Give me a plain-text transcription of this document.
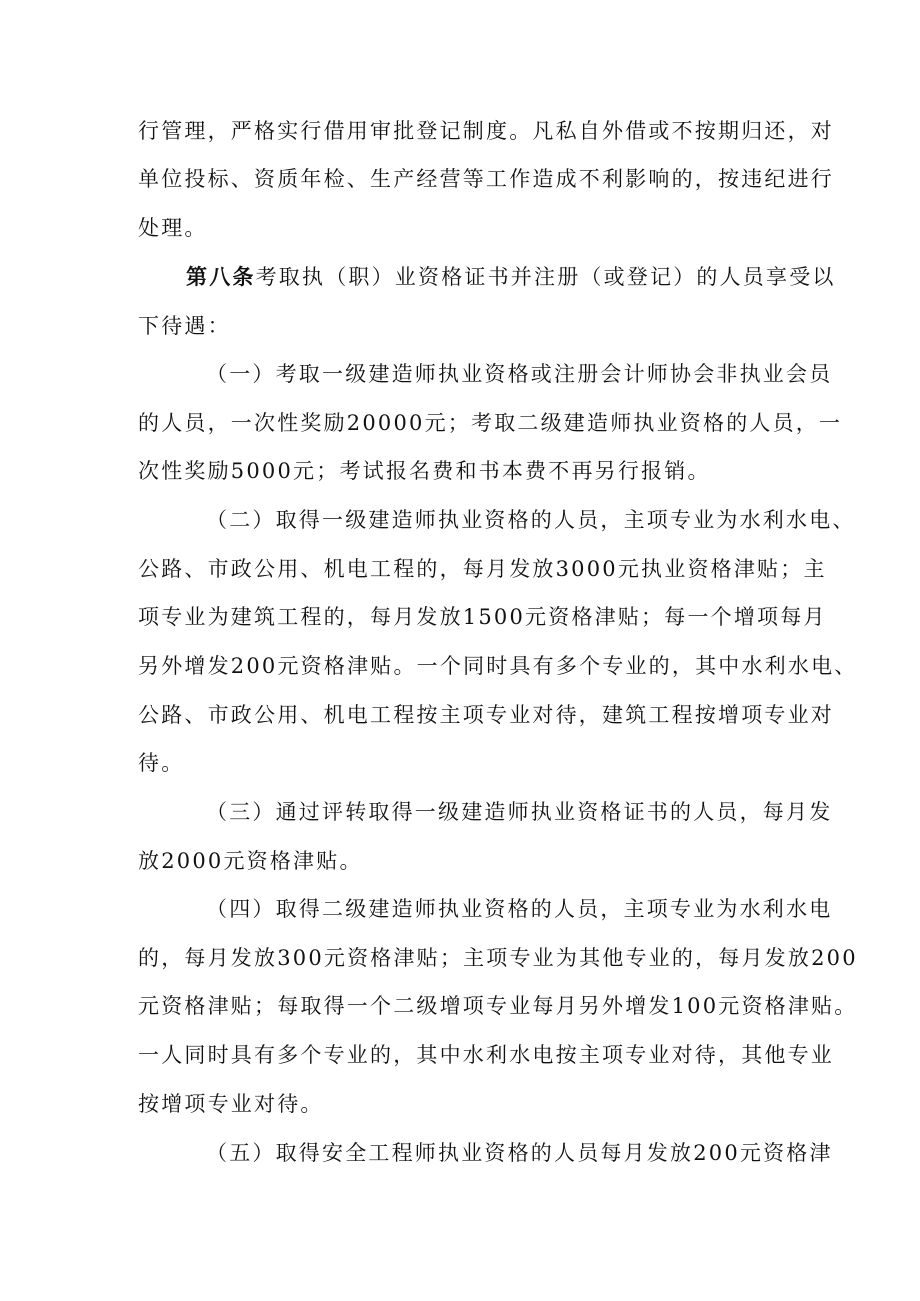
行管理，严格实行借用审批登记制度。凡私自外借或不按期归还，对
单位投标、资质年检、生产经营等工作造成不利影响的，按违纪进行
处理。
第八条考取执（职）业资格证书并注册（或登记）的人员享受以
下待遇：
（一）考取一级建造师执业资格或注册会计师协会非执业会员
的人员，一次性奖励20000元；考取二级建造师执业资格的人员，一
次性奖励5000元；考试报名费和书本费不再另行报销。
（二）取得一级建造师执业资格的人员，主项专业为水利水电、
公路、市政公用、机电工程的，每月发放3000元执业资格津贴；主
项专业为建筑工程的，每月发放1500元资格津贴；每一个增项每月
另外增发200元资格津贴。一个同时具有多个专业的，其中水利水电、
公路、市政公用、机电工程按主项专业对待，建筑工程按增项专业对
待。
（三）通过评转取得一级建造师执业资格证书的人员，每月发
放2000元资格津贴。
（四）取得二级建造师执业资格的人员，主项专业为水利水电
的，每月发放300元资格津贴；主项专业为其他专业的，每月发放200
元资格津贴；每取得一个二级增项专业每月另外增发100元资格津贴。
一人同时具有多个专业的，其中水利水电按主项专业对待，其他专业
按增项专业对待。
（五）取得安全工程师执业资格的人员每月发放200元资格津
